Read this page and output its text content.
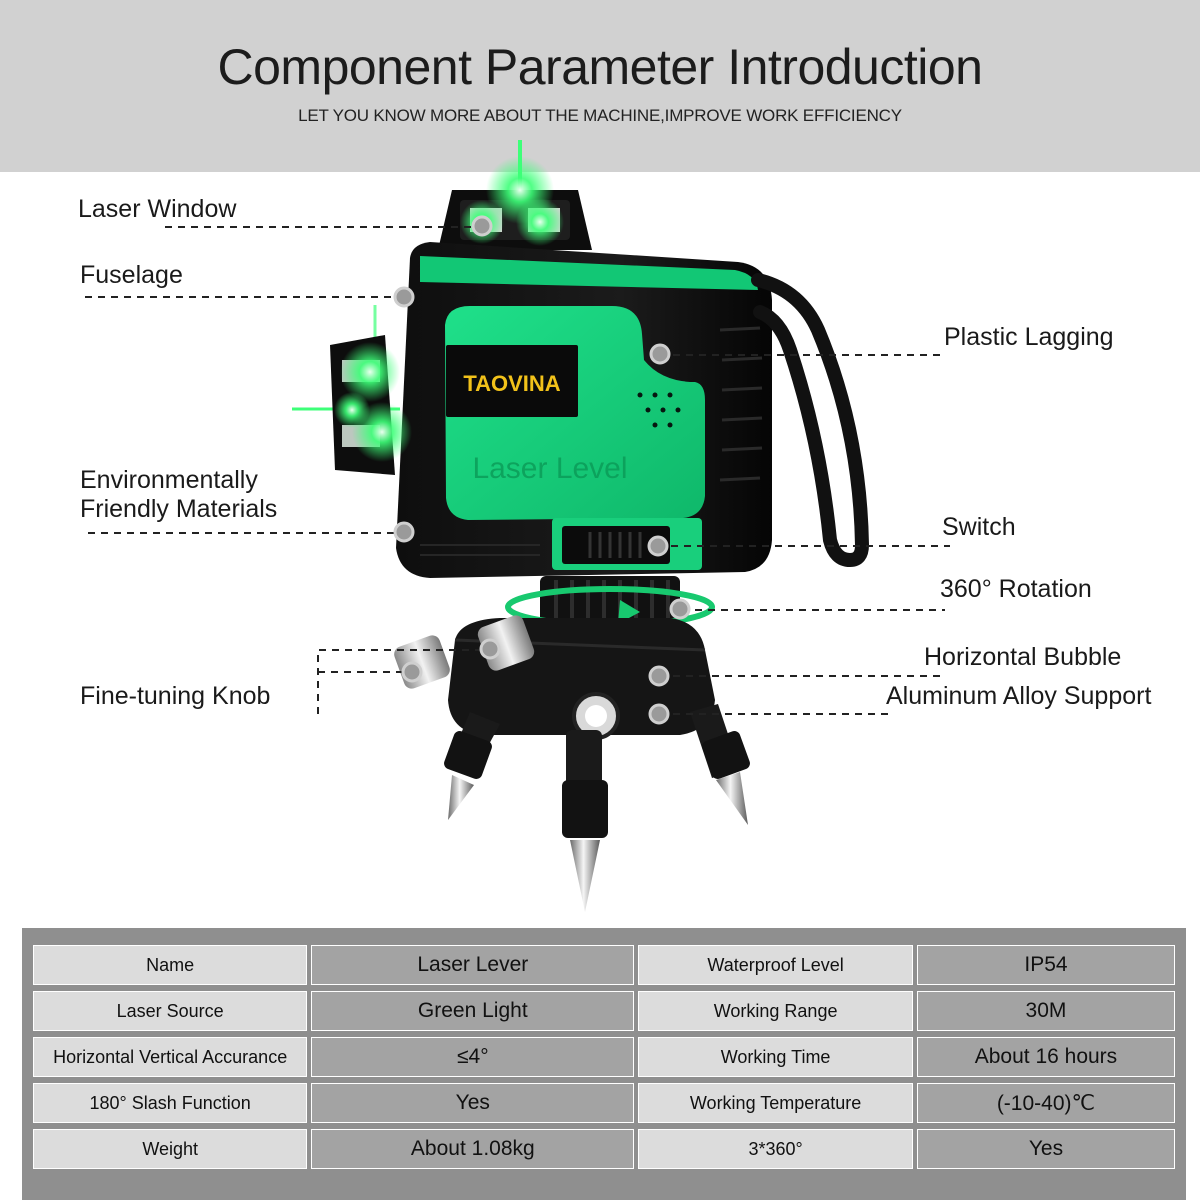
Component Parameter Introduction
LET YOU KNOW MORE ABOUT THE MACHINE,IMPROVE WORK EFFICIENCY
TAOVINA
Laser Level
Laser Window
Fuselage
Plastic Lagging
Environmentally
Friendly Materials
Switch
360° Rotation
Horizontal Bubble
Fine-tuning Knob	Aluminum Alloy Support
Name	Laser Lever	Waterproof Level	IP54
Laser Source	Green Light	Working Range	30M
Horizontal Vertical Accurance	≤4°	Working Time	About 16 hours
180° Slash Function	Yes	Working Temperature	(-10-40)℃
Weight	About 1.08kg	3*360°	Yes
